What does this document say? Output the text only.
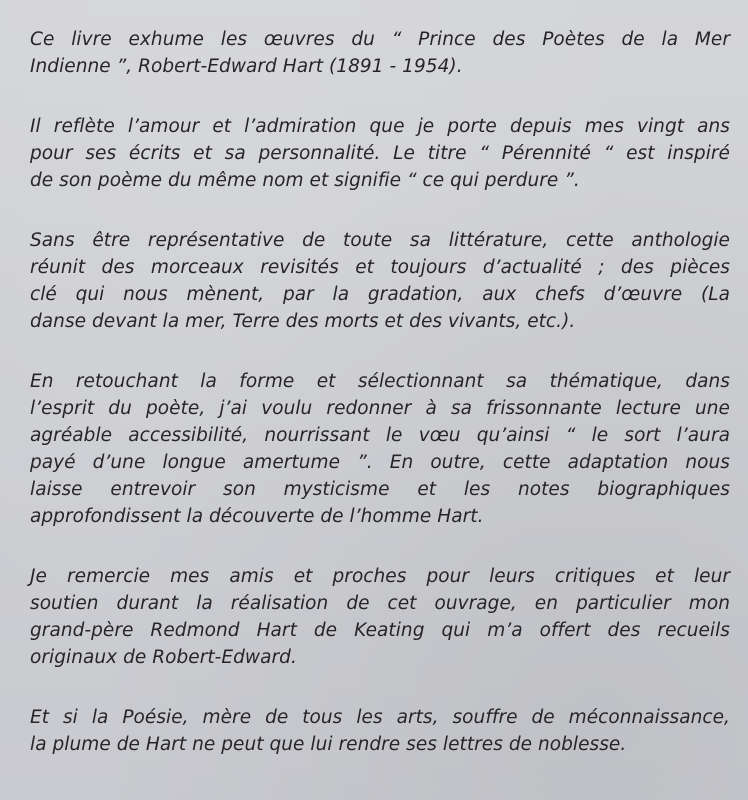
Ce livre exhume les œuvres du “ Prince des Poètes de la Mer
Indienne ”, Robert-Edward Hart (1891 - 1954).

Il reflète l’amour et l’admiration que je porte depuis mes vingt ans
pour ses écrits et sa personnalité. Le titre “ Pérennité “ est inspiré
de son poème du même nom et signifie “ ce qui perdure ”.

Sans être représentative de toute sa littérature, cette anthologie
réunit des morceaux revisités et toujours d’actualité ; des pièces
clé qui nous mènent, par la gradation, aux chefs d’œuvre (La
danse devant la mer, Terre des morts et des vivants, etc.).

En retouchant la forme et sélectionnant sa thématique, dans
l’esprit du poète, j’ai voulu redonner à sa frissonnante lecture une
agréable accessibilité, nourrissant le vœu qu’ainsi “ le sort l’aura
payé d’une longue amertume ”. En outre, cette adaptation nous
laisse entrevoir son mysticisme et les notes biographiques
approfondissent la découverte de l’homme Hart.

Je remercie mes amis et proches pour leurs critiques et leur
soutien durant la réalisation de cet ouvrage, en particulier mon
grand-père Redmond Hart de Keating qui m’a offert des recueils
originaux de Robert-Edward.

Et si la Poésie, mère de tous les arts, souffre de méconnaissance,
la plume de Hart ne peut que lui rendre ses lettres de noblesse.
